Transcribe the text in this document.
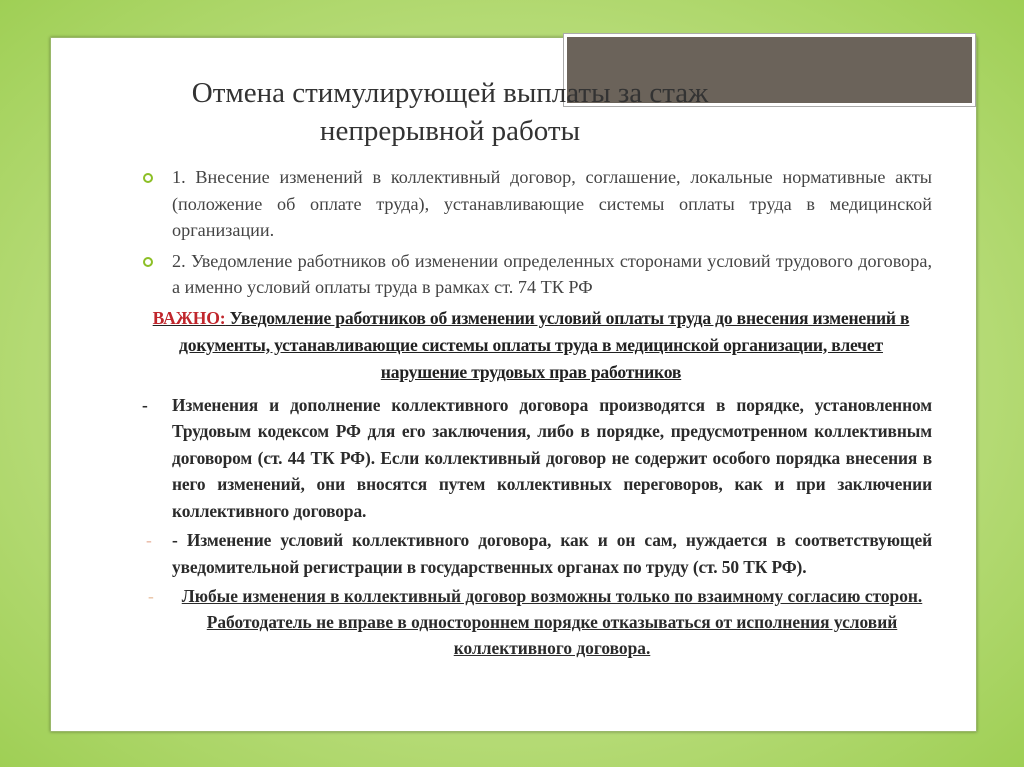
Отмена стимулирующей выплаты за стаж
непрерывной работы
1. Внесение изменений в коллективный договор, соглашение, локальные нормативные акты (положение об оплате труда), устанавливающие системы оплаты труда в медицинской организации.
2. Уведомление работников об изменении определенных сторонами условий трудового договора, а именно условий оплаты труда в рамках ст. 74 ТК РФ
ВАЖНО: Уведомление работников об изменении условий оплаты труда до внесения изменений в документы, устанавливающие системы оплаты труда в медицинской организации, влечет нарушение трудовых прав работников
- Изменения и дополнение коллективного договора производятся в порядке, установленном Трудовым кодексом РФ для его заключения, либо в порядке, предусмотренном коллективным договором (ст. 44 ТК РФ). Если коллективный договор не содержит особого порядка внесения в него изменений, они вносятся путем коллективных переговоров, как и при заключении коллективного договора.
- - Изменение условий коллективного договора, как и он сам, нуждается в соответствующей уведомительной регистрации в государственных органах по труду (ст. 50 ТК РФ).
- Любые изменения в коллективный договор возможны только по взаимному согласию сторон. Работодатель не вправе в одностороннем порядке отказываться от исполнения условий коллективного договора.
